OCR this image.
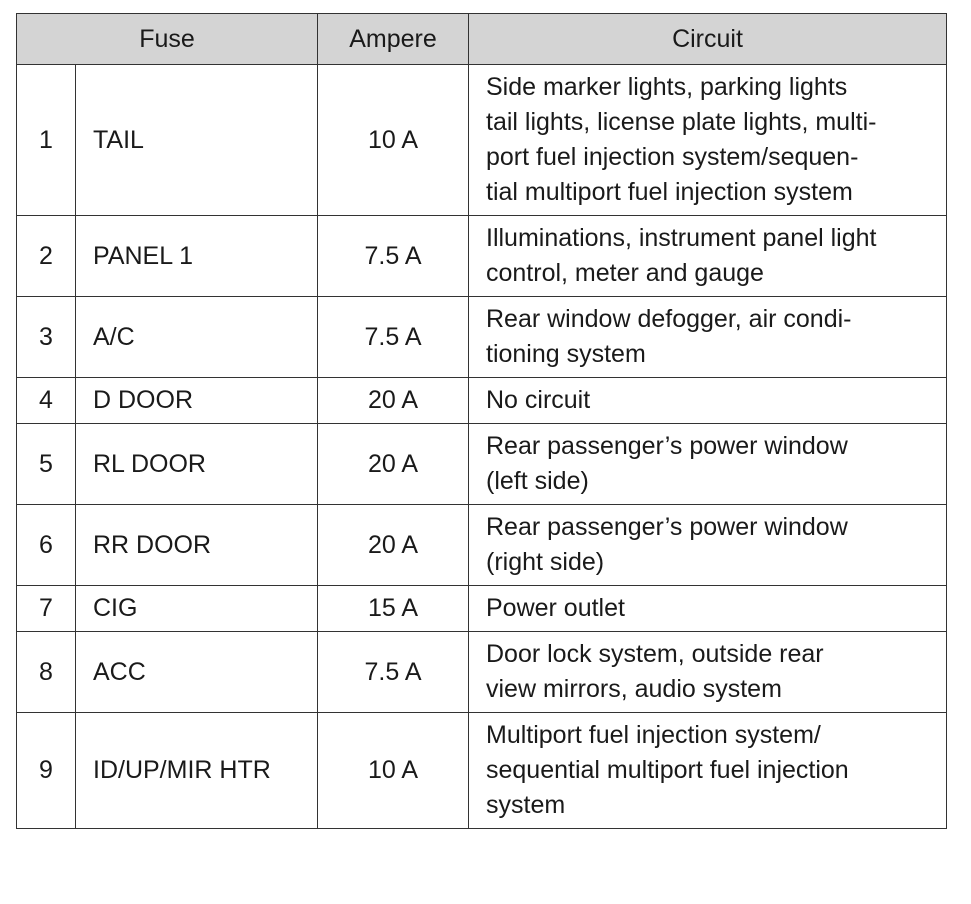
Fuse		Ampere	Circuit
1	TAIL	10 A	Side marker lights, parking lights
tail lights, license plate lights, multi-
port fuel injection system/sequen-
tial multiport fuel injection system

2	PANEL 1	7.5 A	Illuminations, instrument panel light
control, meter and gauge

3	A/C	7.5 A	Rear window defogger, air condi-
tioning system

4	D DOOR	20 A	No circuit

5	RL DOOR	20 A	Rear passenger’s power window
(left side)

6	RR DOOR	20 A	Rear passenger’s power window
(right side)

7	CIG	15 A	Power outlet

8	ACC	7.5 A	Door lock system, outside rear
view mirrors, audio system

9	ID/UP/MIR HTR	10 A	Multiport fuel injection system/
sequential multiport fuel injection
system
